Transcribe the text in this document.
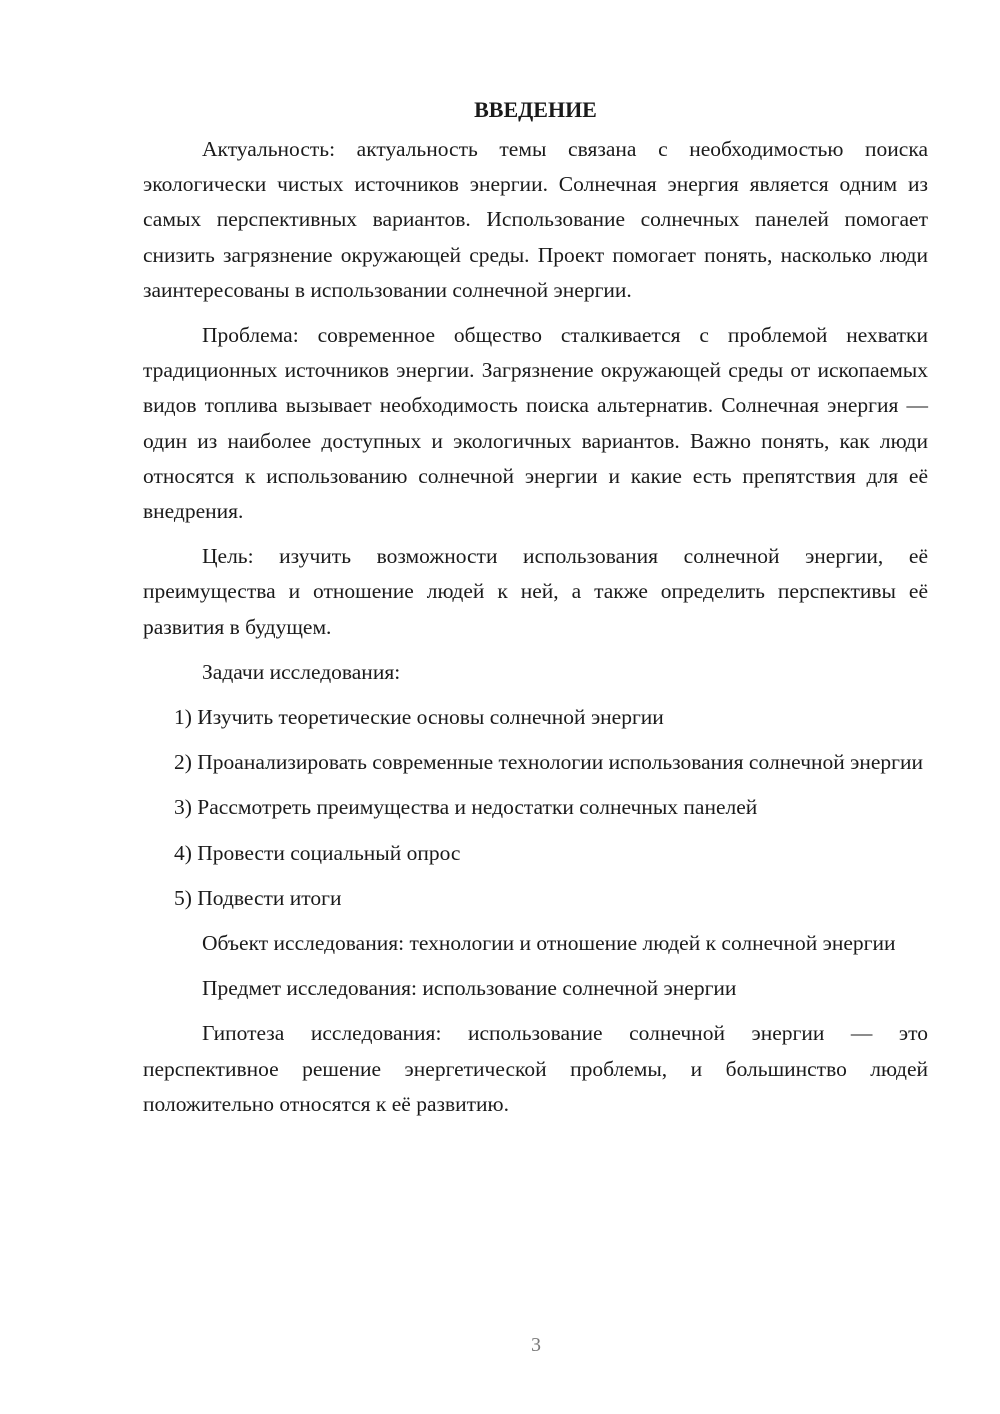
ВВЕДЕНИЕ

Актуальность: актуальность темы связана с необходимостью поиска экологически чистых источников энергии. Солнечная энергия является одним из самых перспективных вариантов. Использование солнечных панелей помогает снизить загрязнение окружающей среды. Проект помогает понять, насколько люди заинтересованы в использовании солнечной энергии.

Проблема: современное общество сталкивается с проблемой нехватки традиционных источников энергии. Загрязнение окружающей среды от ископаемых видов топлива вызывает необходимость поиска альтернатив. Солнечная энергия — один из наиболее доступных и экологичных вариантов. Важно понять, как люди относятся к использованию солнечной энергии и какие есть препятствия для её внедрения.

Цель: изучить возможности использования солнечной энергии, её преимущества и отношение людей к ней, а также определить перспективы её развития в будущем.

Задачи исследования:

1) Изучить теоретические основы солнечной энергии

2) Проанализировать современные технологии использования солнечной энергии

3) Рассмотреть преимущества и недостатки солнечных панелей

4) Провести социальный опрос

5) Подвести итоги

Объект исследования: технологии и отношение людей к солнечной энергии

Предмет исследования: использование солнечной энергии

Гипотеза исследования: использование солнечной энергии — это перспективное решение энергетической проблемы, и большинство людей положительно относятся к её развитию.

3
